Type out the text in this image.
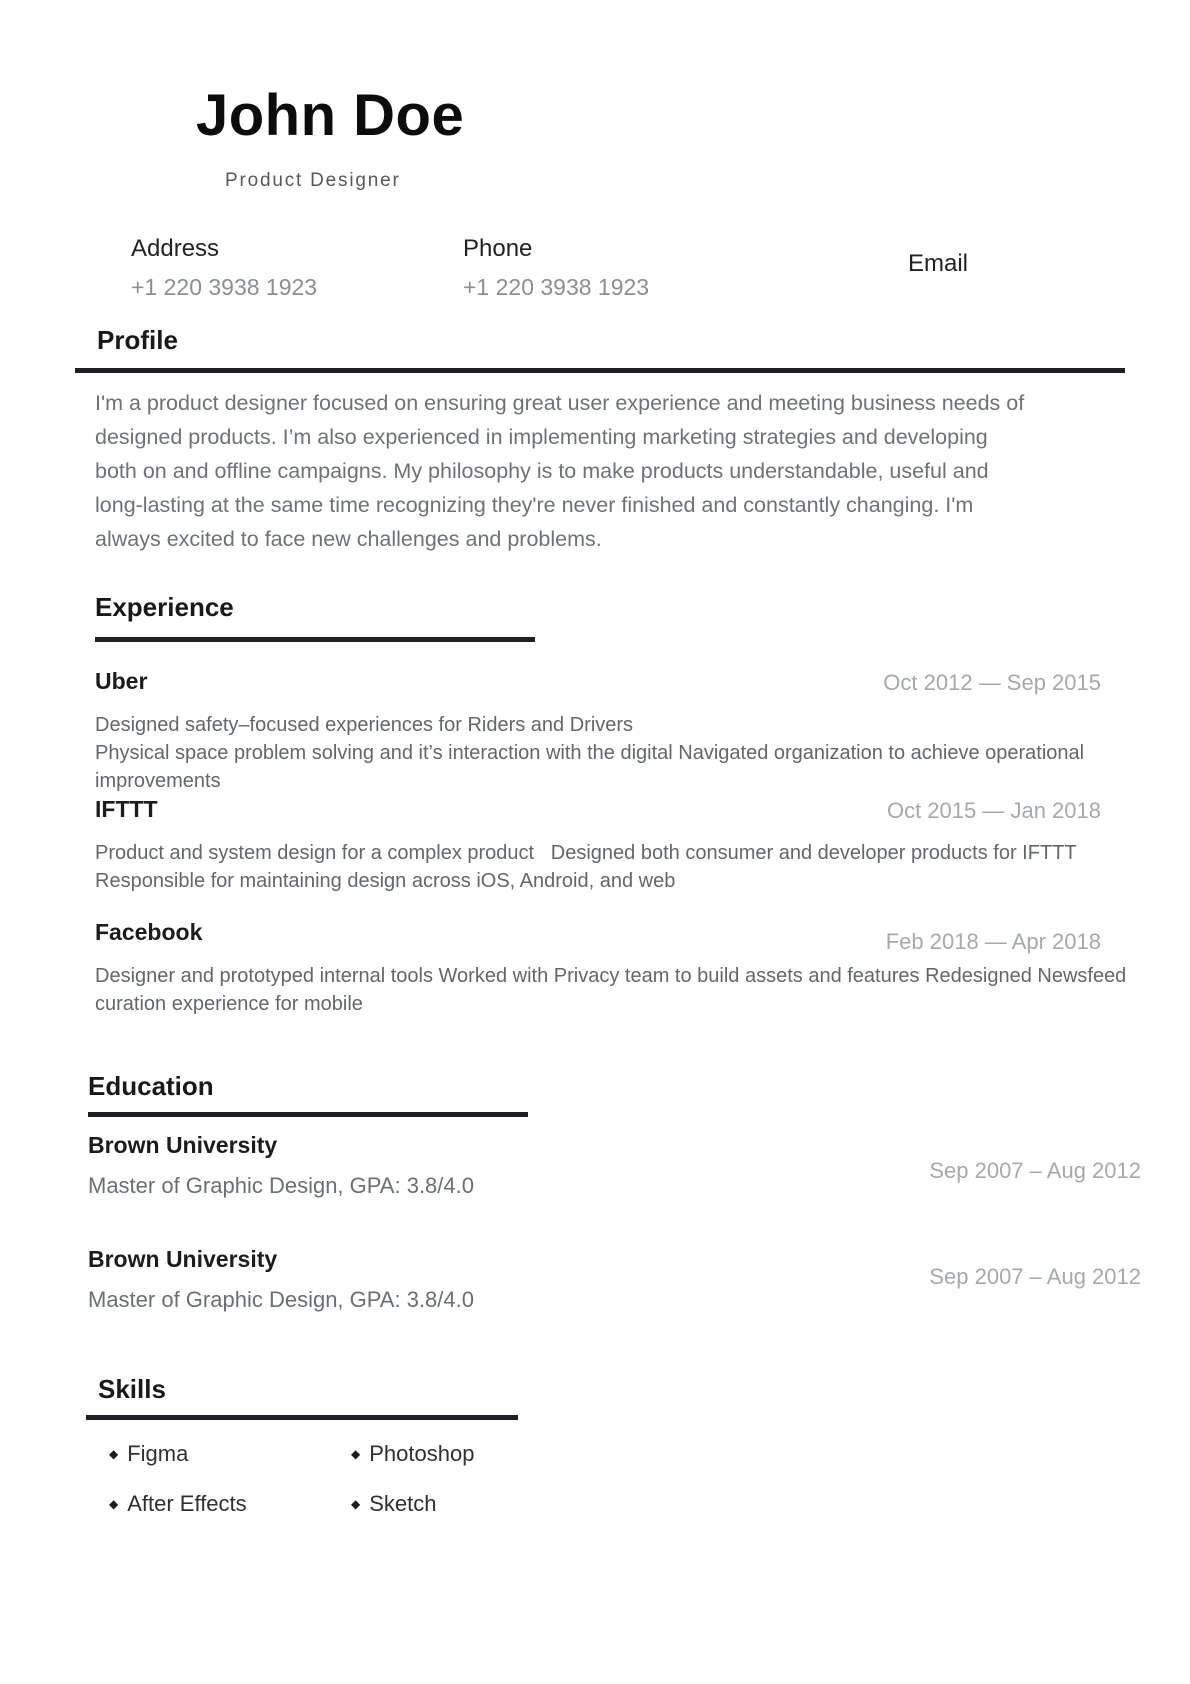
John Doe
Product Designer
Address
+1 220 3938 1923
Phone
+1 220 3938 1923
Email
Profile
I'm a product designer focused on ensuring great user experience and meeting business needs of
designed products. I’m also experienced in implementing marketing strategies and developing
both on and offline campaigns. My philosophy is to make products understandable, useful and
long-lasting at the same time recognizing they're never finished and constantly changing. I'm
always excited to face new challenges and problems.
Experience
Uber	Oct 2012 — Sep 2015
Designed safety–focused experiences for Riders and Drivers
Physical space problem solving and it’s interaction with the digital Navigated organization to achieve operational
improvements
IFTTT	Oct 2015 — Jan 2018
Product and system design for a complex product   Designed both consumer and developer products for IFTTT
Responsible for maintaining design across iOS, Android, and web
Facebook	Feb 2018 — Apr 2018
Designer and prototyped internal tools Worked with Privacy team to build assets and features Redesigned Newsfeed
curation experience for mobile
Education
Brown University
Sep 2007 – Aug 2012
Master of Graphic Design, GPA: 3.8/4.0
Brown University
Sep 2007 – Aug 2012
Master of Graphic Design, GPA: 3.8/4.0
Skills
◆ Figma	◆ Photoshop
◆ After Effects	◆ Sketch
